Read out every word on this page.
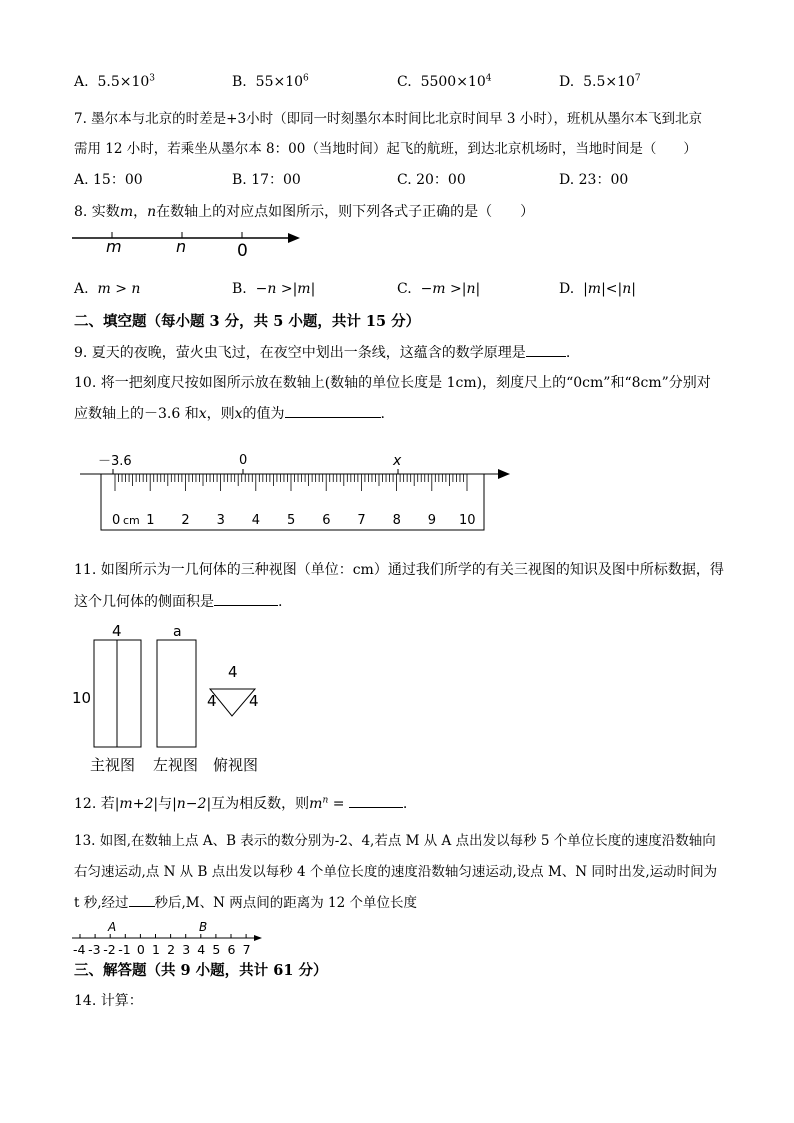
A. $5.5\times 10^3$	B. $55\times 10^6$	C. $5500\times 10^4$	D. $5.5\times 10^7$
7. 墨尔本与北京的时差是+3小时（即同一时刻墨尔本时间比北京时间早 3 小时），班机从墨尔本飞到北京
需用 12 小时，若乘坐从墨尔本 8：00（当地时间）起飞的航班，到达北京机场时，当地时间是（　　）
A. 15：00	B. 17：00	C. 20：00	D. 23：00
8. 实数m，n在数轴上的对应点如图所示，则下列各式子正确的是（　　）
m	n	0
A. m > n	B. −n >|m|	C. −m >|n|	D. |m|<|n|
二、填空题（每小题 3 分，共 5 小题，共计 15 分）
9. 夏天的夜晚，萤火虫飞过，在夜空中划出一条线，这蕴含的数学原理是	.
10. 将一把刻度尺按如图所示放在数轴上(数轴的单位长度是 1cm)，刻度尺上的“0cm”和“8cm”分别对
应数轴上的－3.6 和x，则x的值为	.
－3.6	0	x
0 cm 1 2 3 4 5 6 7 8 9 10
11. 如图所示为一几何体的三种视图（单位：cm）通过我们所学的有关三视图的知识及图中所标数据，得
这个几何体的侧面积是	.
4
10
a
4
4 4
主视图 左视图 俯视图
12. 若|m+2|与|n−2|互为相反数，则$m^n$ =	.
13. 如图,在数轴上点 A、B 表示的数分别为-2、4,若点 M 从 A 点出发以每秒 5 个单位长度的速度沿数轴向
右匀速运动,点 N 从 B 点出发以每秒 4 个单位长度的速度沿数轴匀速运动,设点 M、N 同时出发,运动时间为
t 秒,经过 秒后,M、N 两点间的距离为 12 个单位长度
A	B
-4 -3 -2 -1 0 1 2 3 4 5 6 7
三、解答题（共 9 小题，共计 61 分）
14. 计算：
